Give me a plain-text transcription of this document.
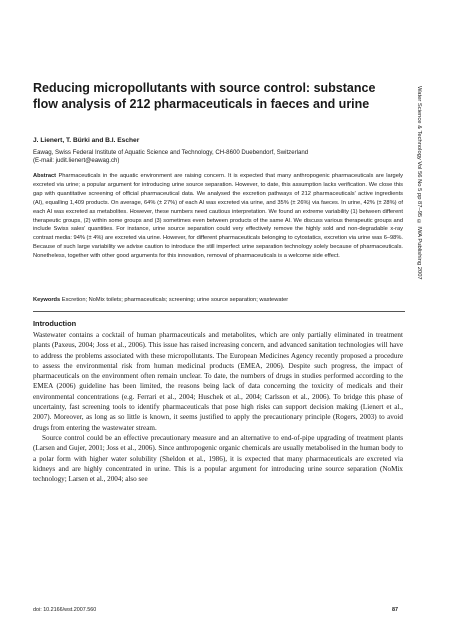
Reducing micropollutants with source control: substance flow analysis of 212 pharmaceuticals in faeces and urine
J. Lienert, T. Bürki and B.I. Escher
Eawag, Swiss Federal Institute of Aquatic Science and Technology, CH-8600 Duebendorf, Switzerland
(E-mail: judit.lienert@eawag.ch)
Abstract Pharmaceuticals in the aquatic environment are raising concern. It is expected that many anthropogenic pharmaceuticals are largely excreted via urine; a popular argument for introducing urine source separation. However, to date, this assumption lacks verification. We close this gap with quantitative screening of official pharmaceutical data. We analysed the excretion pathways of 212 pharmaceuticals' active ingredients (AI), equalling 1,409 products. On average, 64% (± 27%) of each AI was excreted via urine, and 35% (± 26%) via faeces. In urine, 42% (± 28%) of each AI was excreted as metabolites. However, these numbers need cautious interpretation. We found an extreme variability (1) between different therapeutic groups, (2) within some groups and (3) sometimes even between products of the same AI. We discuss various therapeutic groups and include Swiss sales' quantities. For instance, urine source separation could very effectively remove the highly sold and non-degradable x-ray contrast media: 94% (± 4%) are excreted via urine. However, for different pharmaceuticals belonging to cytostatics, excretion via urine was 6–98%. Because of such large variability we advise caution to introduce the still imperfect urine separation technology solely because of pharmaceuticals. Nonetheless, together with other good arguments for this innovation, removal of pharmaceuticals is a welcome side effect.
Keywords Excretion; NoMix toilets; pharmaceuticals; screening; urine source separation; wastewater
Water Science & Technology Vol 56 No 5 pp 87–95 © IWA Publishing 2007
Introduction

Wastewater contains a cocktail of human pharmaceuticals and metabolites, which are only partially eliminated in treatment plants (Paxeus, 2004; Joss et al., 2006). This issue has raised increasing concern, and advanced sanitation technologies will have to address the problems associated with these micropollutants. The European Medicines Agency recently proposed a procedure to assess the environmental risk from human medicinal products (EMEA, 2006). Despite such progress, the impact of pharmaceuticals on the environment often remain unclear. To date, the numbers of drugs in studies performed according to the EMEA (2006) guideline has been limited, the reasons being lack of data concerning the toxicity of medicals and their environmental concentrations (e.g. Ferrari et al., 2004; Huschek et al., 2004; Carlsson et al., 2006). To bridge this phase of uncertainty, fast screening tools to identify pharmaceuticals that pose high risks can support decision making (Lienert et al., 2007). Moreover, as long as so little is known, it seems justified to apply the precautionary principle (Rogers, 2003) to avoid drugs from entering the wastewater stream.

Source control could be an effective precautionary measure and an alternative to end-of-pipe upgrading of treatment plants (Larsen and Gujer, 2001; Joss et al., 2006). Since anthropogenic organic chemicals are usually metabolised in the human body to a polar form with higher water solubility (Sheldon et al., 1986), it is expected that many pharmaceuticals are excreted via kidneys and are highly concentrated in urine. This is a popular argument for introducing urine source separation (NoMix technology; Larsen et al., 2004; also see

doi: 10.2166/wst.2007.560	87
